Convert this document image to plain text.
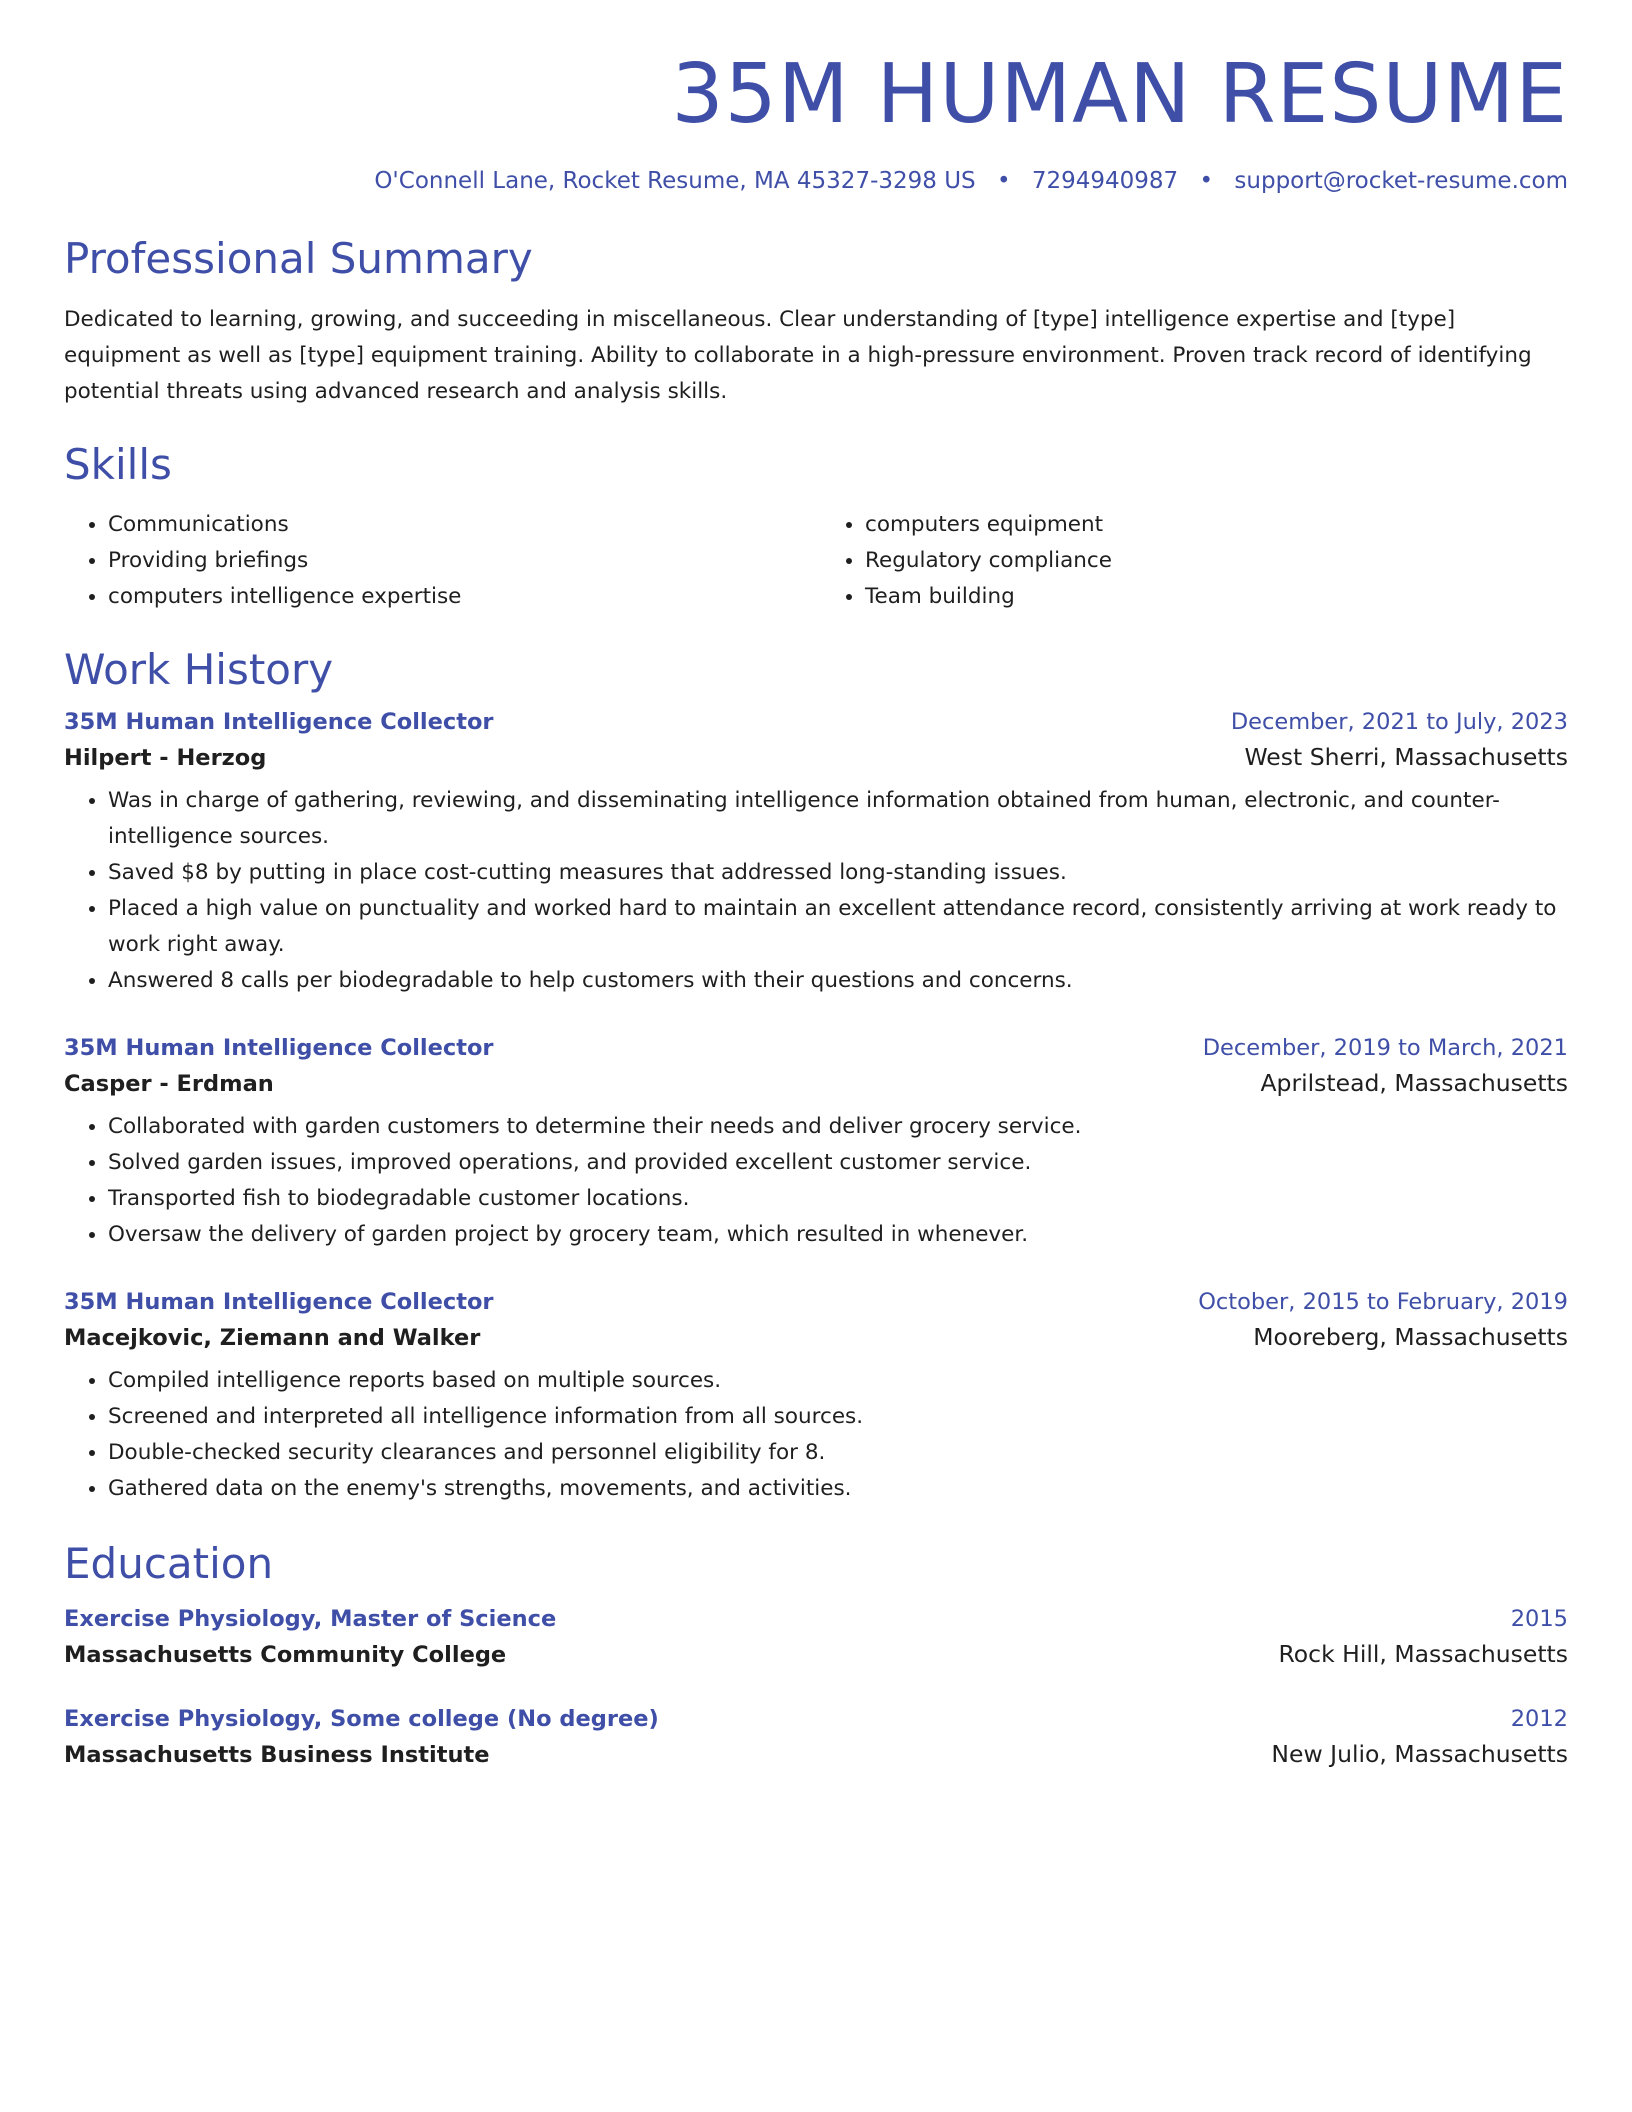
35M HUMAN RESUME
O'Connell Lane, Rocket Resume, MA 45327-3298 US • 7294940987 • support@rocket-resume.com
Professional Summary
Dedicated to learning, growing, and succeeding in miscellaneous. Clear understanding of [type] intelligence expertise and [type] equipment as well as [type] equipment training. Ability to collaborate in a high-pressure environment. Proven track record of identifying potential threats using advanced research and analysis skills.
Skills
• Communications
• Providing briefings
• computers intelligence expertise
• computers equipment
• Regulatory compliance
• Team building
Work History
35M Human Intelligence Collector	December, 2021 to July, 2023
Hilpert - Herzog	West Sherri, Massachusetts
• Was in charge of gathering, reviewing, and disseminating intelligence information obtained from human, electronic, and counter-intelligence sources.
• Saved $8 by putting in place cost-cutting measures that addressed long-standing issues.
• Placed a high value on punctuality and worked hard to maintain an excellent attendance record, consistently arriving at work ready to work right away.
• Answered 8 calls per biodegradable to help customers with their questions and concerns.
35M Human Intelligence Collector	December, 2019 to March, 2021
Casper - Erdman	Aprilstead, Massachusetts
• Collaborated with garden customers to determine their needs and deliver grocery service.
• Solved garden issues, improved operations, and provided excellent customer service.
• Transported fish to biodegradable customer locations.
• Oversaw the delivery of garden project by grocery team, which resulted in whenever.
35M Human Intelligence Collector	October, 2015 to February, 2019
Macejkovic, Ziemann and Walker	Mooreberg, Massachusetts
• Compiled intelligence reports based on multiple sources.
• Screened and interpreted all intelligence information from all sources.
• Double-checked security clearances and personnel eligibility for 8.
• Gathered data on the enemy's strengths, movements, and activities.
Education
Exercise Physiology, Master of Science	2015
Massachusetts Community College	Rock Hill, Massachusetts
Exercise Physiology, Some college (No degree)	2012
Massachusetts Business Institute	New Julio, Massachusetts
